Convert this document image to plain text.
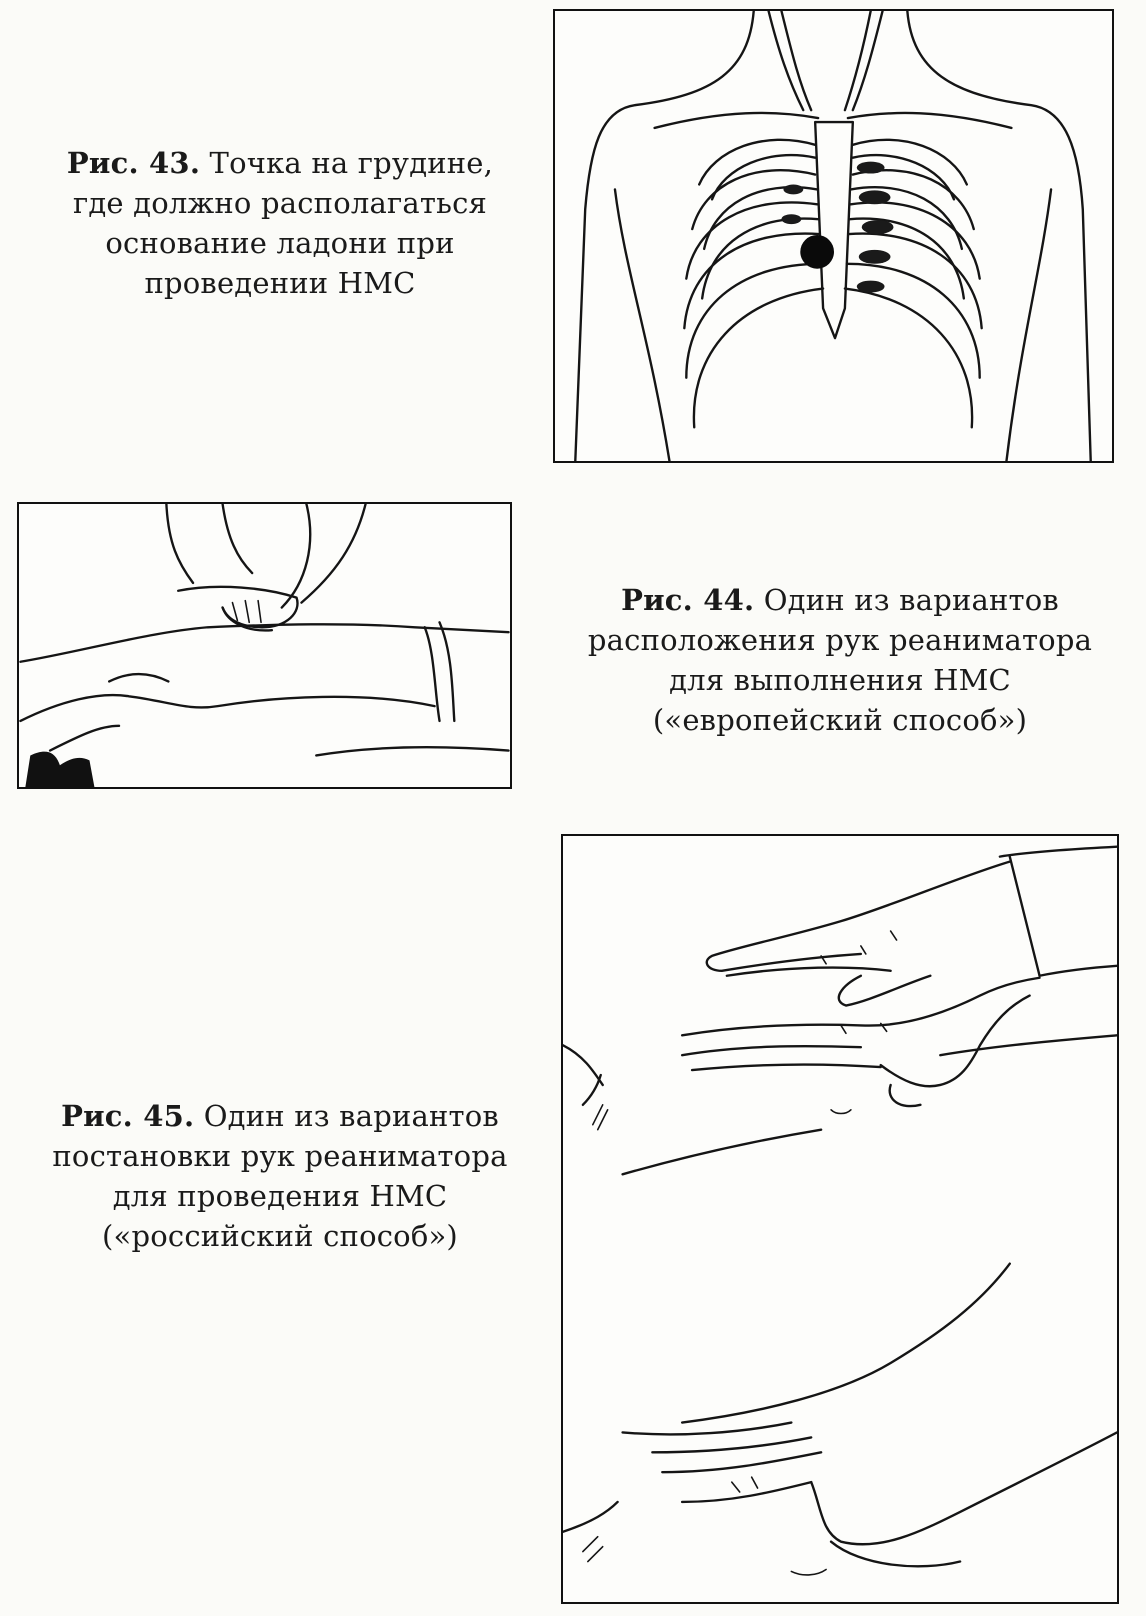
Рис. 43. Точка на грудине,
где должно располагаться
основание ладони при
проведении НМС
Рис. 44. Один из вариантов
расположения рук реаниматора
для выполнения НМС
(«европейский способ»)
Рис. 45. Один из вариантов
постановки рук реаниматора
для проведения НМС
(«российский способ»)
